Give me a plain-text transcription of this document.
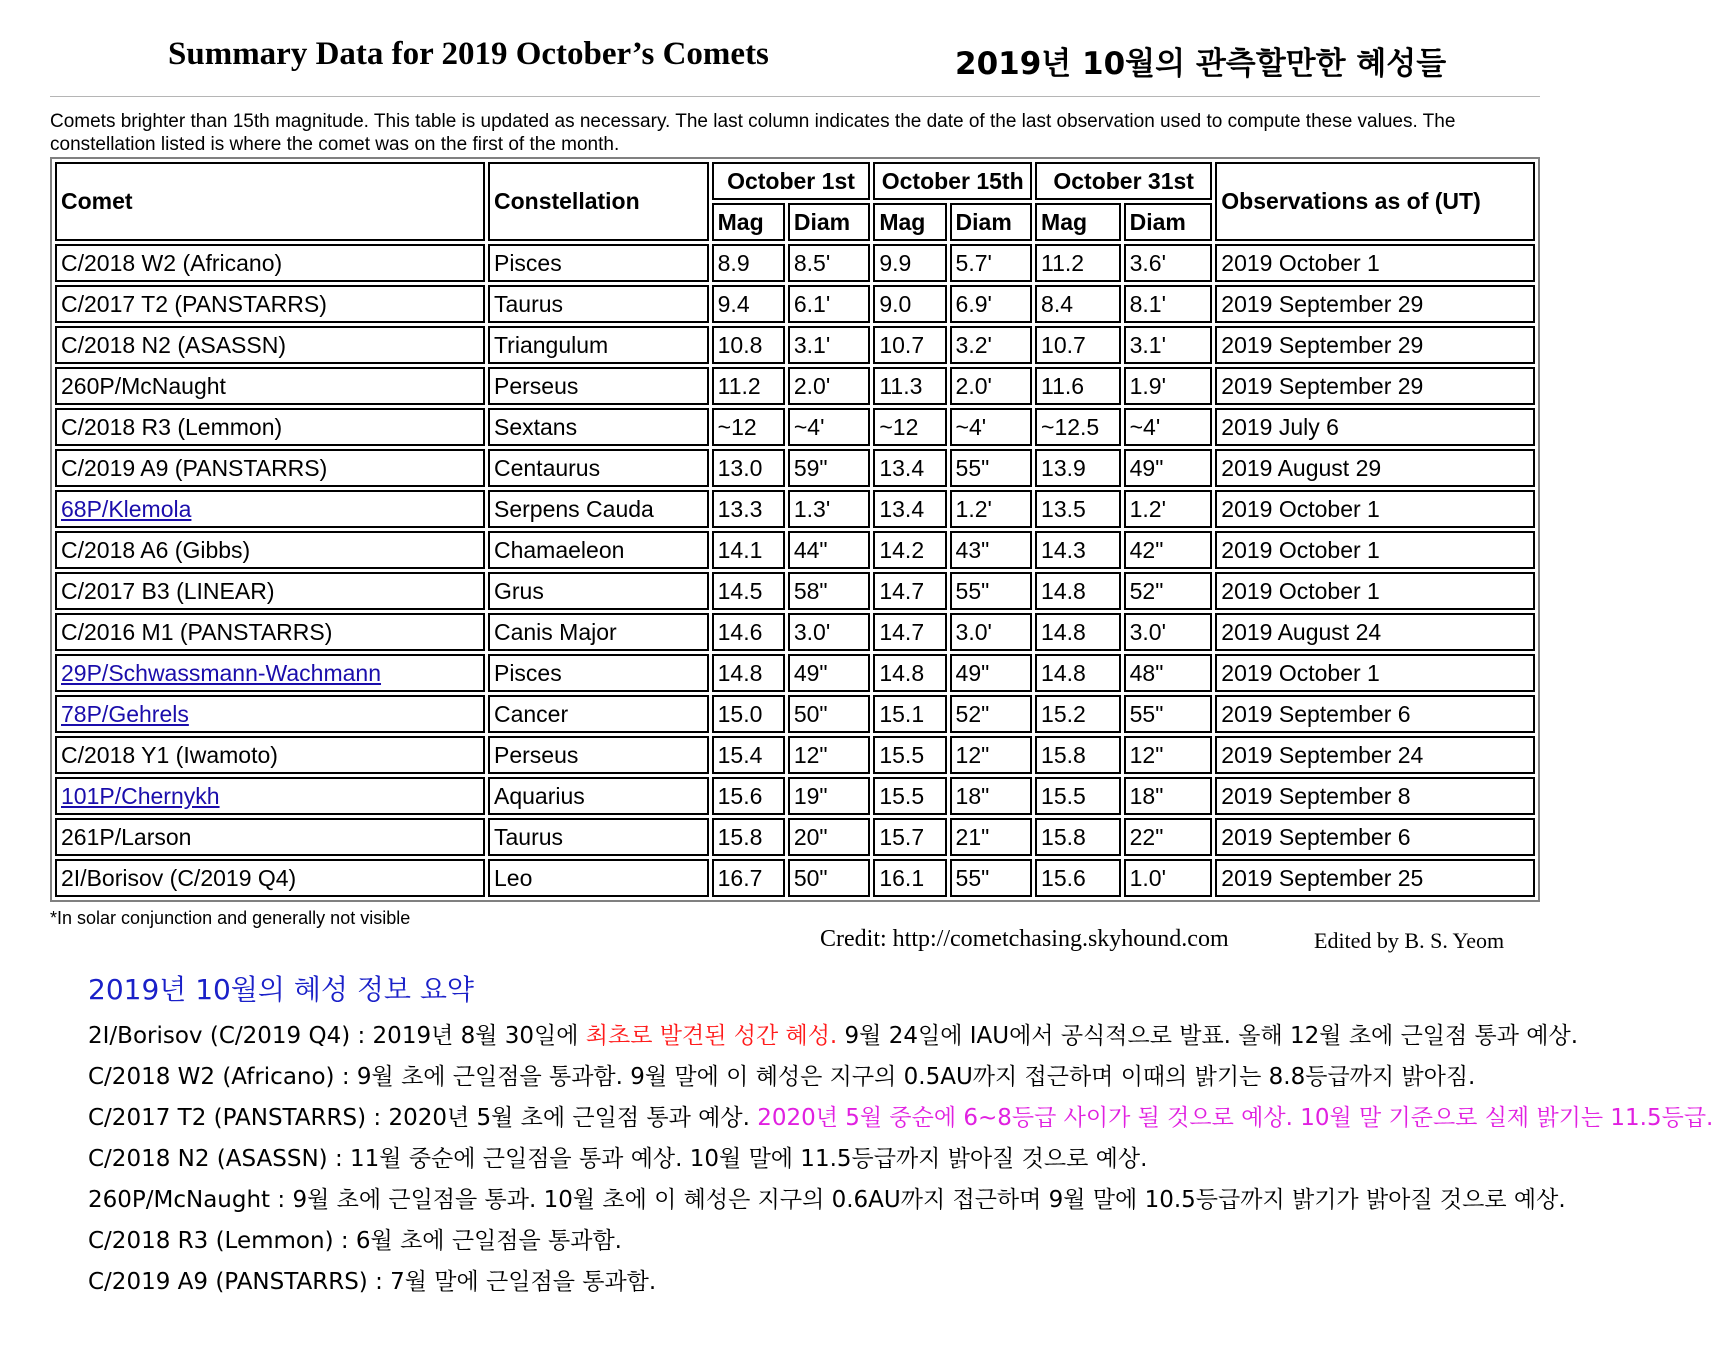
Summary Data for 2019 October’s Comets	2019년 10월의 관측할만한 혜성들
Comets brighter than 15th magnitude. This table is updated as necessary. The last column indicates the date of the last observation used to compute these values. The constellation listed is where the comet was on the first of the month.
Comet	Constellation	October 1st		October 15th		October 31st		Observations as of (UT)
		Mag	Diam	Mag	Diam	Mag	Diam	
C/2018 W2 (Africano)	Pisces	8.9	8.5'	9.9	5.7'	11.2	3.6'	2019 October 1
C/2017 T2 (PANSTARRS)	Taurus	9.4	6.1'	9.0	6.9'	8.4	8.1'	2019 September 29
C/2018 N2 (ASASSN)	Triangulum	10.8	3.1'	10.7	3.2'	10.7	3.1'	2019 September 29
260P/McNaught	Perseus	11.2	2.0'	11.3	2.0'	11.6	1.9'	2019 September 29
C/2018 R3 (Lemmon)	Sextans	~12	~4'	~12	~4'	~12.5	~4'	2019 July 6
C/2019 A9 (PANSTARRS)	Centaurus	13.0	59"	13.4	55"	13.9	49"	2019 August 29
68P/Klemola	Serpens Cauda	13.3	1.3'	13.4	1.2'	13.5	1.2'	2019 October 1
C/2018 A6 (Gibbs)	Chamaeleon	14.1	44"	14.2	43"	14.3	42"	2019 October 1
C/2017 B3 (LINEAR)	Grus	14.5	58"	14.7	55"	14.8	52"	2019 October 1
C/2016 M1 (PANSTARRS)	Canis Major	14.6	3.0'	14.7	3.0'	14.8	3.0'	2019 August 24
29P/Schwassmann-Wachmann	Pisces	14.8	49"	14.8	49"	14.8	48"	2019 October 1
78P/Gehrels	Cancer	15.0	50"	15.1	52"	15.2	55"	2019 September 6
C/2018 Y1 (Iwamoto)	Perseus	15.4	12"	15.5	12"	15.8	12"	2019 September 24
101P/Chernykh	Aquarius	15.6	19"	15.5	18"	15.5	18"	2019 September 8
261P/Larson	Taurus	15.8	20"	15.7	21"	15.8	22"	2019 September 6
2I/Borisov (C/2019 Q4)	Leo	16.7	50"	16.1	55"	15.6	1.0'	2019 September 25
*In solar conjunction and generally not visible
Credit: http://cometchasing.skyhound.com	Edited by B. S. Yeom
2019년 10월의 혜성 정보 요약
2I/Borisov (C/2019 Q4) : 2019년 8월 30일에 최초로 발견된 성간 혜성. 9월 24일에 IAU에서 공식적으로 발표. 올해 12월 초에 근일점 통과 예상.
C/2018 W2 (Africano) : 9월 초에 근일점을 통과함. 9월 말에 이 혜성은 지구의 0.5AU까지 접근하며 이때의 밝기는 8.8등급까지 밝아짐.
C/2017 T2 (PANSTARRS) : 2020년 5월 초에 근일점 통과 예상. 2020년 5월 중순에 6~8등급 사이가 될 것으로 예상. 10월 말 기준으로 실제 밝기는 11.5등급.
C/2018 N2 (ASASSN) : 11월 중순에 근일점을 통과 예상. 10월 말에 11.5등급까지 밝아질 것으로 예상.
260P/McNaught : 9월 초에 근일점을 통과. 10월 초에 이 혜성은 지구의 0.6AU까지 접근하며 9월 말에 10.5등급까지 밝기가 밝아질 것으로 예상.
C/2018 R3 (Lemmon) : 6월 초에 근일점을 통과함.
C/2019 A9 (PANSTARRS) : 7월 말에 근일점을 통과함.
